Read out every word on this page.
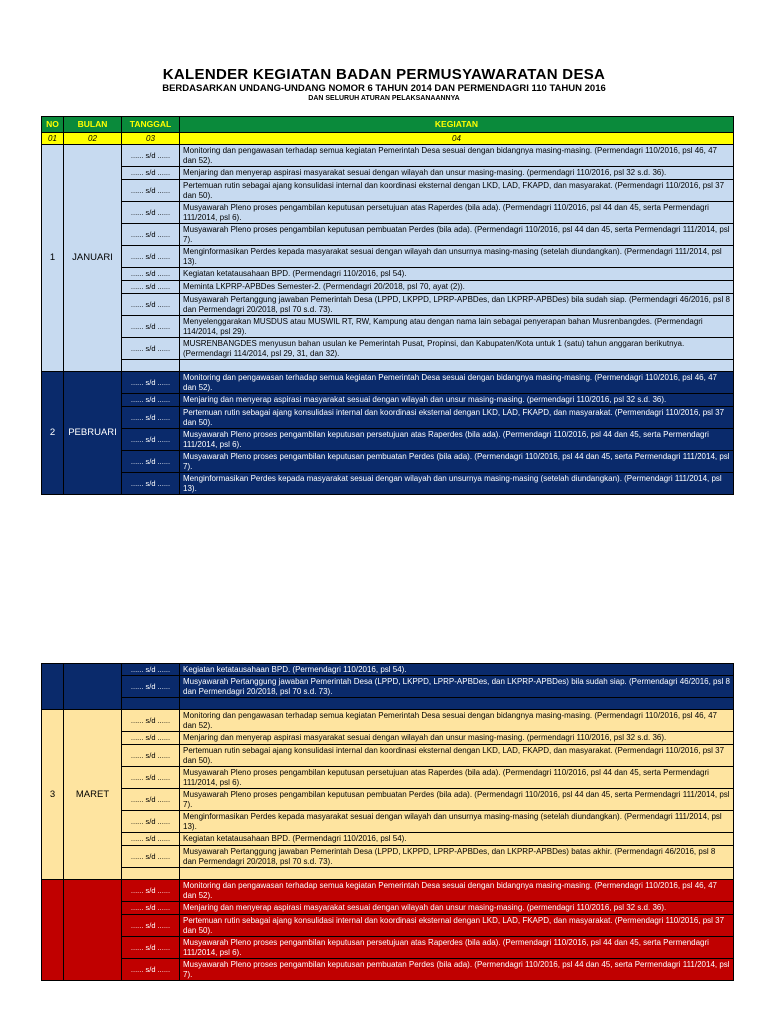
KALENDER KEGIATAN BADAN PERMUSYAWARATAN DESA
BERDASARKAN UNDANG-UNDANG NOMOR 6 TAHUN 2014 DAN PERMENDAGRI 110 TAHUN 2016
DAN SELURUH ATURAN PELAKSANAANNYA
NO	BULAN	TANGGAL	KEGIATAN
01	02	03	04
1	JANUARI	...... s/d ......	Monitoring dan pengawasan terhadap semua kegiatan Pemerintah Desa sesuai dengan bidangnya masing-masing. (Permendagri 110/2016, psl 46, 47 dan 52).
		...... s/d ......	Menjaring dan menyerap aspirasi masyarakat sesuai dengan wilayah dan unsur masing-masing. (permendagri 110/2016, psl 32 s.d. 36).
		...... s/d ......	Pertemuan rutin sebagai ajang konsulidasi internal dan koordinasi eksternal dengan LKD, LAD, FKAPD, dan masyarakat. (Permendagri 110/2016, psl 37 dan 50).
		...... s/d ......	Musyawarah Pleno proses pengambilan keputusan persetujuan atas Raperdes (bila ada). (Permendagri 110/2016, psl 44 dan 45, serta Permendagri 111/2014, psl 6).
		...... s/d ......	Musyawarah Pleno proses pengambilan keputusan pembuatan Perdes (bila ada). (Permendagri 110/2016, psl 44 dan 45, serta Permendagri 111/2014, psl 7).
		...... s/d ......	Menginformasikan Perdes kepada masyarakat sesuai dengan wilayah dan unsurnya masing-masing (setelah diundangkan). (Permendagri 111/2014, psl 13).
		...... s/d ......	Kegiatan ketatausahaan BPD. (Permendagri 110/2016, psl 54).
		...... s/d ......	Meminta LKPRP-APBDes Semester-2. (Permendagri 20/2018, psl 70, ayat (2)).
		...... s/d ......	Musyawarah Pertanggung jawaban Pemerintah Desa (LPPD, LKPPD, LPRP-APBDes, dan LKPRP-APBDes) bila sudah siap. (Permendagri 46/2016, psl 8 dan Permendagri 20/2018, psl 70 s.d. 73).
		...... s/d ......	Menyelenggarakan MUSDUS atau MUSWIL RT, RW, Kampung atau dengan nama lain sebagai penyerapan bahan Musrenbangdes. (Permendagri 114/2014, psl 29).
		...... s/d ......	MUSRENBANGDES menyusun bahan usulan ke Pemerintah Pusat, Propinsi, dan Kabupaten/Kota untuk 1 (satu) tahun anggaran berikutnya. (Permendagri 114/2014, psl 29, 31, dan 32).

2	PEBRUARI	...... s/d ......	Monitoring dan pengawasan terhadap semua kegiatan Pemerintah Desa sesuai dengan bidangnya masing-masing. (Permendagri 110/2016, psl 46, 47 dan 52).
		...... s/d ......	Menjaring dan menyerap aspirasi masyarakat sesuai dengan wilayah dan unsur masing-masing. (permendagri 110/2016, psl 32 s.d. 36).
		...... s/d ......	Pertemuan rutin sebagai ajang konsulidasi internal dan koordinasi eksternal dengan LKD, LAD, FKAPD, dan masyarakat. (Permendagri 110/2016, psl 37 dan 50).
		...... s/d ......	Musyawarah Pleno proses pengambilan keputusan persetujuan atas Raperdes (bila ada). (Permendagri 110/2016, psl 44 dan 45, serta Permendagri 111/2014, psl 6).
		...... s/d ......	Musyawarah Pleno proses pengambilan keputusan pembuatan Perdes (bila ada). (Permendagri 110/2016, psl 44 dan 45, serta Permendagri 111/2014, psl 7).
		...... s/d ......	Menginformasikan Perdes kepada masyarakat sesuai dengan wilayah dan unsurnya masing-masing (setelah diundangkan). (Permendagri 111/2014, psl 13).
		...... s/d ......	Kegiatan ketatausahaan BPD. (Permendagri 110/2016, psl 54).
		...... s/d ......	Musyawarah Pertanggung jawaban Pemerintah Desa (LPPD, LKPPD, LPRP-APBDes, dan LKPRP-APBDes) bila sudah siap. (Permendagri 46/2016, psl 8 dan Permendagri 20/2018, psl 70 s.d. 73).

3	MARET	...... s/d ......	Monitoring dan pengawasan terhadap semua kegiatan Pemerintah Desa sesuai dengan bidangnya masing-masing. (Permendagri 110/2016, psl 46, 47 dan 52).
		...... s/d ......	Menjaring dan menyerap aspirasi masyarakat sesuai dengan wilayah dan unsur masing-masing. (permendagri 110/2016, psl 32 s.d. 36).
		...... s/d ......	Pertemuan rutin sebagai ajang konsulidasi internal dan koordinasi eksternal dengan LKD, LAD, FKAPD, dan masyarakat. (Permendagri 110/2016, psl 37 dan 50).
		...... s/d ......	Musyawarah Pleno proses pengambilan keputusan persetujuan atas Raperdes (bila ada). (Permendagri 110/2016, psl 44 dan 45, serta Permendagri 111/2014, psl 6).
		...... s/d ......	Musyawarah Pleno proses pengambilan keputusan pembuatan Perdes (bila ada). (Permendagri 110/2016, psl 44 dan 45, serta Permendagri 111/2014, psl 7).
		...... s/d ......	Menginformasikan Perdes kepada masyarakat sesuai dengan wilayah dan unsurnya masing-masing (setelah diundangkan). (Permendagri 111/2014, psl 13).
		...... s/d ......	Kegiatan ketatausahaan BPD. (Permendagri 110/2016, psl 54).
		...... s/d ......	Musyawarah Pertanggung jawaban Pemerintah Desa (LPPD, LKPPD, LPRP-APBDes, dan LKPRP-APBDes) batas akhir. (Permendagri 46/2016, psl 8 dan Permendagri 20/2018, psl 70 s.d. 73).

		...... s/d ......	Monitoring dan pengawasan terhadap semua kegiatan Pemerintah Desa sesuai dengan bidangnya masing-masing. (Permendagri 110/2016, psl 46, 47 dan 52).
		...... s/d ......	Menjaring dan menyerap aspirasi masyarakat sesuai dengan wilayah dan unsur masing-masing. (permendagri 110/2016, psl 32 s.d. 36).
		...... s/d ......	Pertemuan rutin sebagai ajang konsulidasi internal dan koordinasi eksternal dengan LKD, LAD, FKAPD, dan masyarakat. (Permendagri 110/2016, psl 37 dan 50).
		...... s/d ......	Musyawarah Pleno proses pengambilan keputusan persetujuan atas Raperdes (bila ada). (Permendagri 110/2016, psl 44 dan 45, serta Permendagri 111/2014, psl 6).
		...... s/d ......	Musyawarah Pleno proses pengambilan keputusan pembuatan Perdes (bila ada). (Permendagri 110/2016, psl 44 dan 45, serta Permendagri 111/2014, psl 7).
